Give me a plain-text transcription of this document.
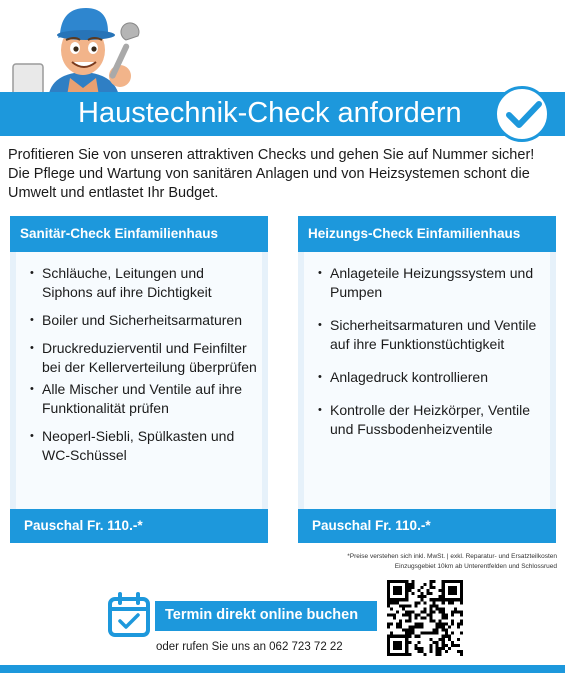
Haustechnik-Check anfordern

Profitieren Sie von unseren attraktiven Checks und gehen Sie auf Nummer sicher! Die Pflege und Wartung von sanitären Anlagen und von Heizsystemen schont die Umwelt und entlastet Ihr Budget.

Sanitär-Check Einfamilienhaus
• Schläuche, Leitungen und Siphons auf ihre Dichtigkeit
• Boiler und Sicherheitsarmaturen
• Druckreduzierventil und Feinfilter bei der Kellerverteilung überprüfen
• Alle Mischer und Ventile auf ihre Funktionalität prüfen
• Neoperl-Siebli, Spülkasten und WC-Schüssel
Pauschal Fr. 110.-*
Heizungs-Check Einfamilienhaus
• Anlageteile Heizungssystem und Pumpen
• Sicherheitsarmaturen und Ventile auf ihre Funktionstüchtigkeit
• Anlagedruck kontrollieren
• Kontrolle der Heizkörper, Ventile und Fussbodenheizventile
Pauschal Fr. 110.-*
*Preise verstehen sich inkl. MwSt. | exkl. Reparatur- und Ersatzteilkosten
Einzugsgebiet 10km ab Unterentfelden und Schlossrued
Termin direkt online buchen
oder rufen Sie uns an 062 723 72 22
